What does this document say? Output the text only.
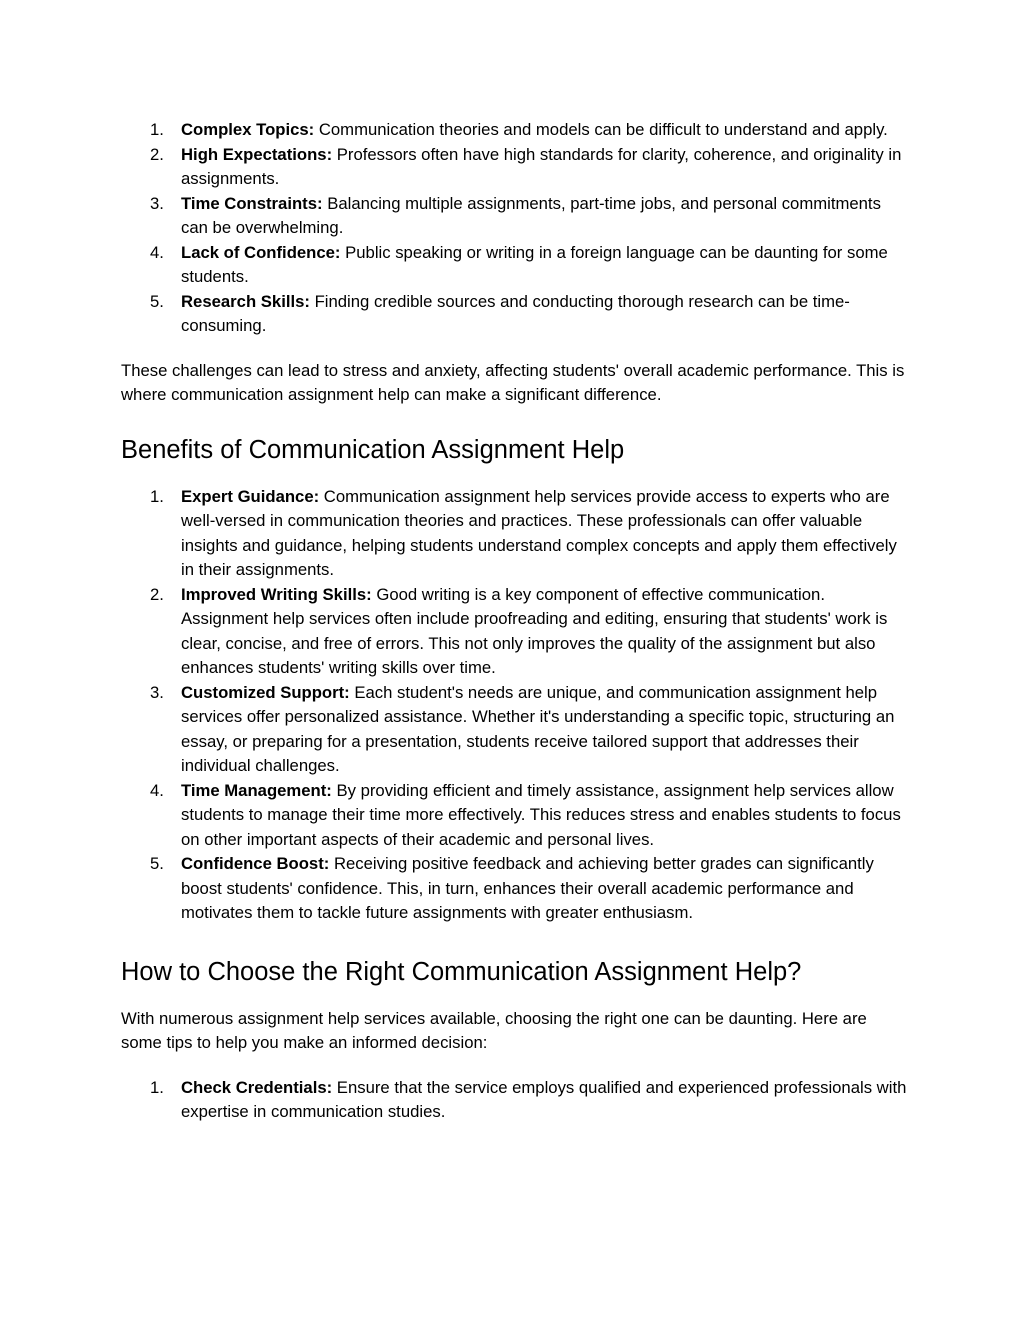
1. Complex Topics: Communication theories and models can be difficult to understand and apply.
2. High Expectations: Professors often have high standards for clarity, coherence, and originality in assignments.
3. Time Constraints: Balancing multiple assignments, part-time jobs, and personal commitments can be overwhelming.
4. Lack of Confidence: Public speaking or writing in a foreign language can be daunting for some students.
5. Research Skills: Finding credible sources and conducting thorough research can be time-consuming.

These challenges can lead to stress and anxiety, affecting students' overall academic performance. This is where communication assignment help can make a significant difference.

Benefits of Communication Assignment Help
1. Expert Guidance: Communication assignment help services provide access to experts who are well-versed in communication theories and practices. These professionals can offer valuable insights and guidance, helping students understand complex concepts and apply them effectively in their assignments.
2. Improved Writing Skills: Good writing is a key component of effective communication. Assignment help services often include proofreading and editing, ensuring that students' work is clear, concise, and free of errors. This not only improves the quality of the assignment but also enhances students' writing skills over time.
3. Customized Support: Each student's needs are unique, and communication assignment help services offer personalized assistance. Whether it's understanding a specific topic, structuring an essay, or preparing for a presentation, students receive tailored support that addresses their individual challenges.
4. Time Management: By providing efficient and timely assistance, assignment help services allow students to manage their time more effectively. This reduces stress and enables students to focus on other important aspects of their academic and personal lives.
5. Confidence Boost: Receiving positive feedback and achieving better grades can significantly boost students' confidence. This, in turn, enhances their overall academic performance and motivates them to tackle future assignments with greater enthusiasm.
How to Choose the Right Communication Assignment Help?

With numerous assignment help services available, choosing the right one can be daunting. Here are some tips to help you make an informed decision:

1. Check Credentials: Ensure that the service employs qualified and experienced professionals with expertise in communication studies.
